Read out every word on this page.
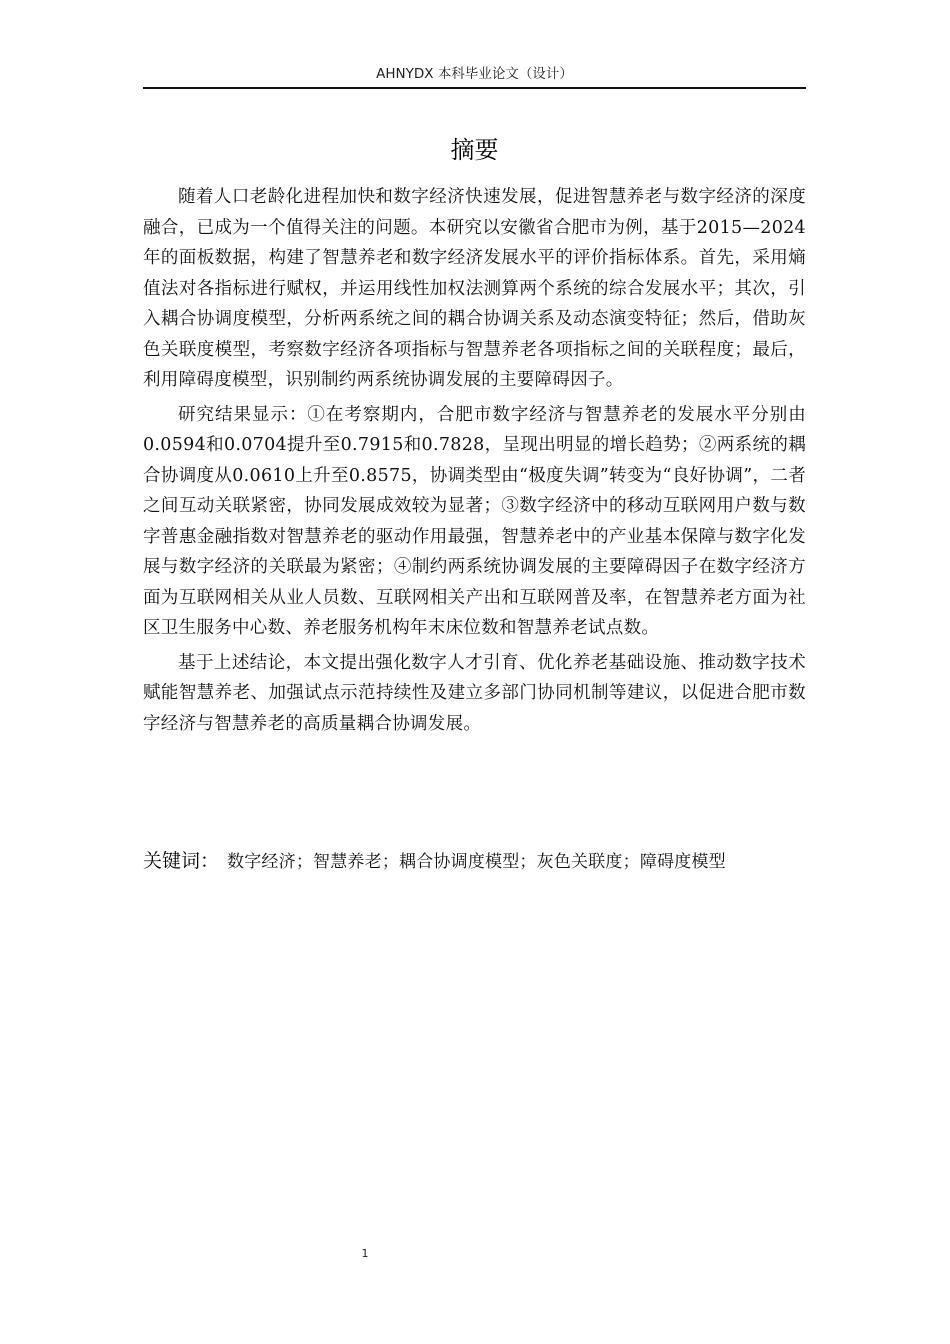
AHNYDX 本科毕业论文（设计）
摘要

随着人口老龄化进程加快和数字经济快速发展，促进智慧养老与数字经济的深度融合，已成为一个值得关注的问题。本研究以安徽省合肥市为例，基于2015—2024年的面板数据，构建了智慧养老和数字经济发展水平的评价指标体系。首先，采用熵值法对各指标进行赋权，并运用线性加权法测算两个系统的综合发展水平；其次，引入耦合协调度模型，分析两系统之间的耦合协调关系及动态演变特征；然后，借助灰色关联度模型，考察数字经济各项指标与智慧养老各项指标之间的关联程度；最后，利用障碍度模型，识别制约两系统协调发展的主要障碍因子。

研究结果显示：①在考察期内，合肥市数字经济与智慧养老的发展水平分别由0.0594和0.0704提升至0.7915和0.7828，呈现出明显的增长趋势；②两系统的耦合协调度从0.0610上升至0.8575，协调类型由“极度失调”转变为“良好协调”，二者之间互动关联紧密，协同发展成效较为显著；③数字经济中的移动互联网用户数与数字普惠金融指数对智慧养老的驱动作用最强，智慧养老中的产业基本保障与数字化发展与数字经济的关联最为紧密；④制约两系统协调发展的主要障碍因子在数字经济方面为互联网相关从业人员数、互联网相关产出和互联网普及率，在智慧养老方面为社区卫生服务中心数、养老服务机构年末床位数和智慧养老试点数。

基于上述结论，本文提出强化数字人才引育、优化养老基础设施、推动数字技术赋能智慧养老、加强试点示范持续性及建立多部门协同机制等建议，以促进合肥市数字经济与智慧养老的高质量耦合协调发展。

关键词： 数字经济；智慧养老；耦合协调度模型；灰色关联度；障碍度模型
1
